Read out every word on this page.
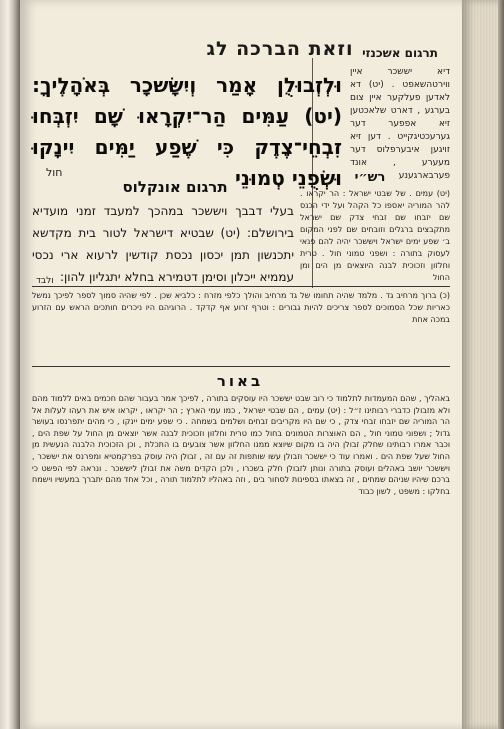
וזאת הברכה לג תרגום אשכנזי
וּלְזְבוּלֻן אָמַר וְיִשָּׂשכָר בְּאֹהָלֶיךָ: (יט) עַמִּים הַר־יִקְרָאוּ שָׁם יִזְבְּחוּ זִבְחֵי־צֶדֶק כִּי שֶׁפַע יַמִּים יִינָקוּ וּשְׂפֻנֵי טְמוּנֵי
חול
דיא יששכר איין ווירטהשאפט . (יט) דא לאדען פעלקער איין צום בערגע , דארט שלאכטען זיא אפפער דער גערעכטיגקייט . דען זיא זויגען איבערפלוס דער מעערע , אונד פערבארגענע
תרגום אונקלוס
בעלי דבבך ויששכר במהכך למעבד זמני מועדיא בירושלם: (יט) שבטיא דישראל לטור בית מקדשא יתכנשון תמן יכסון נכסת קודשין לרעוא ארי נכסי עממיא ייכלון וסימן דטמירא בחלא יתגליון להון:
ולבד
רש״י
(יט) עמים . של שבטי ישראל : הר יקראו . להר המוריה יאספו כל הקהל ועל ידי הכנס שם יזבחו שם זבחי צדק שם ישראל מתקבצים ברגלים וזובחים שם לפני המקום ב׳ שפע ימים ישראל ויששכר יהיה להם פנאי לעסוק בתורה : ושפני טמוני חול . טרית וחלזון וזכוכית לבנה היוצאים מן הים ומן החול
(כ) ברוך מרחיב גד . מלמד שהיה תחומו של גד מרחיב והולך כלפי מזרח : כלביא שכן . לפי שהיה סמוך לספר לפיכך נמשל כאריות שכל הסמוכים לספר צריכים להיות גבורים : וטרף זרוע אף קדקד . הרוגיהם היו ניכרים חותכים הראש עם הזרוע במכה אחת
באור
באהליך , שהם המעמדות לתלמוד כי רוב שבט יששכר היו עוסקים בתורה , לפיכך אמר בעבור שהם חכמים באים ללמוד מהם ולא מזבולן כדברי רבותינו ז״ל : (יט) עמים , הם שבטי ישראל , כמו עמי הארץ ; הר יקראו , יקראו איש את רעהו לעלות אל הר המוריה שם יזבחו זבחי צדק , כי שם היו מקריבים זבחים ושלמים בשמחה . כי שפע ימים יינקו , כי מהים יתפרנסו בעושר גדול ; ושפוני טמוני חול , הם האוצרות הטמונים בחול כמו טרית וחלזון וזכוכית לבנה אשר יוצאים מן החול על שפת הים , וכבר אמרו רבותינו שחלק זבולן היה בו מקום שיוצא ממנו החלזון אשר צובעים בו התכלת , וכן הזכוכית הלבנה הנעשית מן החול שעל שפת הים . ואמרו עוד כי יששכר וזבולן עשו שותפות זה עם זה , זבולן היה עוסק בפרקמטיא ומפרנס את יששכר , ויששכר יושב באהלים ועוסק בתורה ונותן לזבולן חלק בשכרו , ולכן הקדים משה את זבולן ליששכר . ונראה לפי הפשט כי ברכם שיהיו שניהם שמחים , זה בצאתו בספינות לסחור בים , וזה באהליו לתלמוד תורה , וכל אחד מהם יתברך במעשיו וישמח בחלקו : משפט , לשון כבוד
